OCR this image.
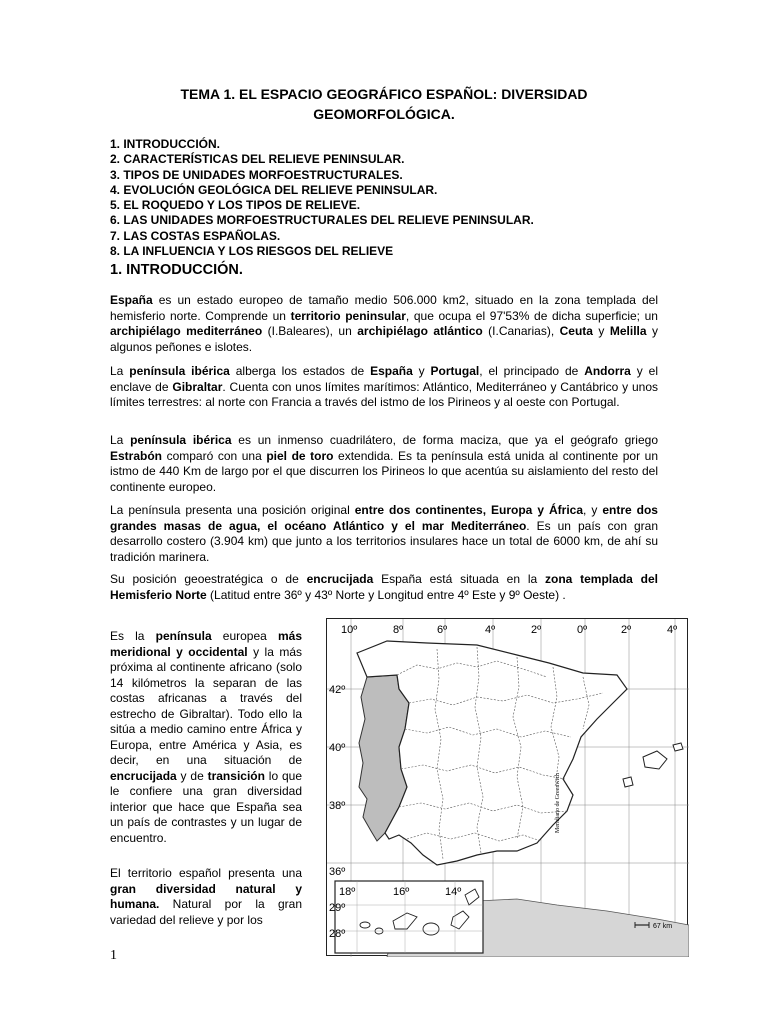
TEMA 1. EL ESPACIO GEOGRÁFICO ESPAÑOL: DIVERSIDAD
GEOMORFOLÓGICA.
1. INTRODUCCIÓN.
2. CARACTERÍSTICAS DEL RELIEVE PENINSULAR.
3. TIPOS DE UNIDADES MORFOESTRUCTURALES.
4. EVOLUCIÓN GEOLÓGICA DEL RELIEVE PENINSULAR.
5. EL ROQUEDO Y LOS TIPOS DE RELIEVE.
6. LAS UNIDADES MORFOESTRUCTURALES DEL RELIEVE PENINSULAR.
7. LAS COSTAS ESPAÑOLAS.
8. LA INFLUENCIA Y LOS RIESGOS DEL RELIEVE
1. INTRODUCCIÓN.

España es un estado europeo de tamaño medio 506.000 km2, situado en la zona templada del hemisferio norte. Comprende un territorio peninsular, que ocupa el 97'53% de dicha superficie; un archipiélago mediterráneo (I.Baleares), un archipiélago atlántico (I.Canarias), Ceuta y Melilla y algunos peñones e islotes.

La península ibérica alberga los estados de España y Portugal, el principado de Andorra y el enclave de Gibraltar. Cuenta con unos límites marítimos: Atlántico, Mediterráneo y Cantábrico y unos límites terrestres: al norte con Francia a través del istmo de los Pirineos y al oeste con Portugal.

La península ibérica es un inmenso cuadrilátero, de forma maciza, que ya el geógrafo griego Estrabón comparó con una piel de toro extendida. Es ta península está unida al continente por un istmo de 440 Km de largo por el que discurren los Pirineos lo que acentúa su aislamiento del resto del continente europeo.

La península presenta una posición original entre dos continentes, Europa y África, y entre dos grandes masas de agua, el océano Atlántico y el mar Mediterráneo. Es un país con gran desarrollo costero (3.904 km) que junto a los territorios insulares hace un total de 6000 km, de ahí su tradición marinera.

Su posición geoestratégica o de encrucijada España está situada en la zona templada del Hemisferio Norte (Latitud entre 36º y 43º Norte y Longitud entre 4º Este y 9º Oeste) .

Es la península europea más meridional y occidental y la más próxima al continente africano (solo 14 kilómetros la separan de las costas africanas a través del estrecho de Gibraltar). Todo ello la sitúa a medio camino entre África y Europa, entre América y Asia, es decir, en una situación de encrucijada y de transición lo que le confiere una gran diversidad interior que hace que España sea un país de contrastes y un lugar de encuentro.

El territorio español presenta una gran diversidad natural y humana. Natural por la gran variedad del relieve y por los	67 km
Meridiano de Greenwich
10º	8º	6º	4º	2º	0º	2º	4º
42º
40º
38º
36º
18º	16º	14º
29º
28º
1
